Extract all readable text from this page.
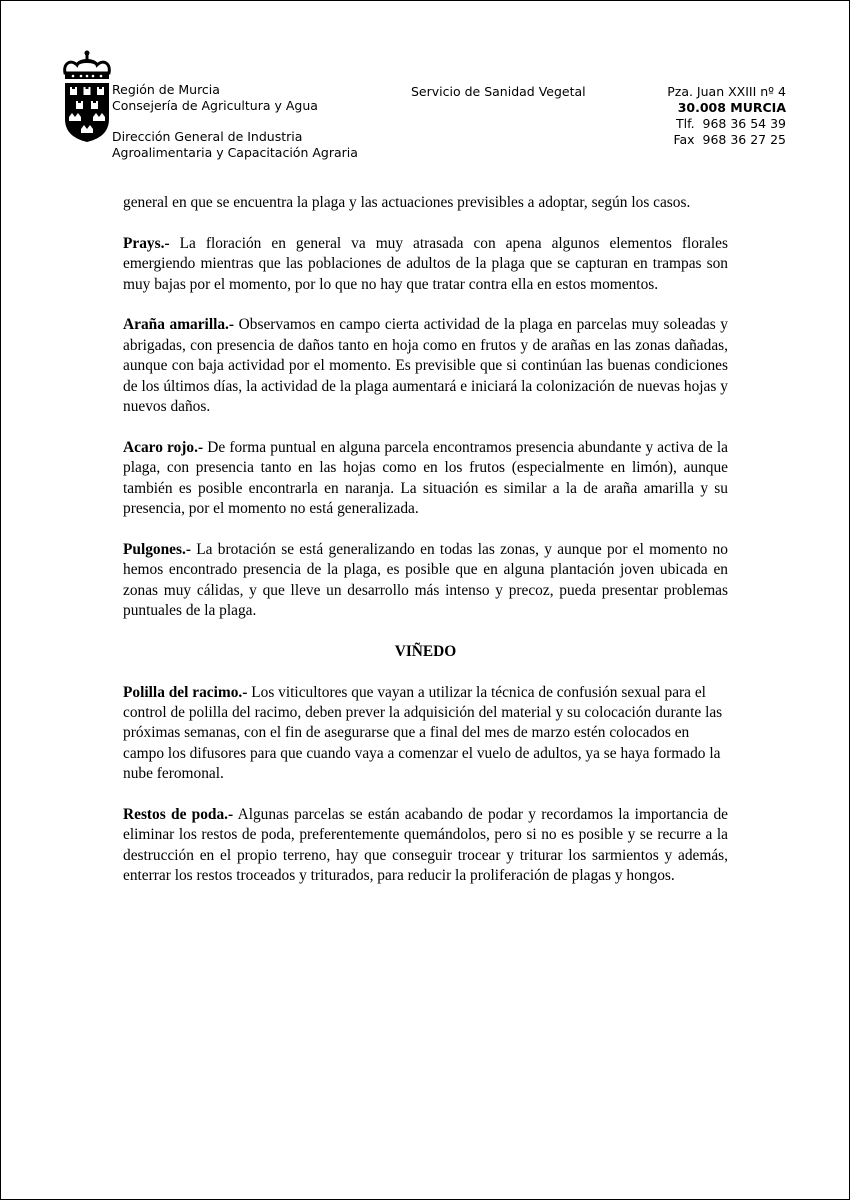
Región de Murcia
Consejería de Agricultura y Agua
Dirección General de Industria
Agroalimentaria y Capacitación Agraria
Servicio de Sanidad Vegetal	Pza. Juan XXIII nº 4
30.008 MURCIA
Tlf. 968 36 54 39
Fax 968 36 27 25

general en que se encuentra la plaga y las actuaciones previsibles a adoptar, según los casos.

Prays.- La floración en general va muy atrasada con apena algunos elementos florales emergiendo mientras que las poblaciones de adultos de la plaga que se capturan en trampas son muy bajas por el momento, por lo que no hay que tratar contra ella en estos momentos.

Araña amarilla.- Observamos en campo cierta actividad de la plaga en parcelas muy soleadas y abrigadas, con presencia de daños tanto en hoja como en frutos y de arañas en las zonas dañadas, aunque con baja actividad por el momento. Es previsible que si continúan las buenas condiciones de los últimos días, la actividad de la plaga aumentará e iniciará la colonización de nuevas hojas y nuevos daños.

Acaro rojo.- De forma puntual en alguna parcela encontramos presencia abundante y activa de la plaga, con presencia tanto en las hojas como en los frutos (especialmente en limón), aunque también es posible encontrarla en naranja. La situación es similar a la de araña amarilla y su presencia, por el momento no está generalizada.

Pulgones.- La brotación se está generalizando en todas las zonas, y aunque por el momento no hemos encontrado presencia de la plaga, es posible que en alguna plantación joven ubicada en zonas muy cálidas, y que lleve un desarrollo más intenso y precoz, pueda presentar problemas puntuales de la plaga.

VIÑEDO

Polilla del racimo.- Los viticultores que vayan a utilizar la técnica de confusión sexual para el control de polilla del racimo, deben prever la adquisición del material y su colocación durante las próximas semanas, con el fin de asegurarse que a final del mes de marzo estén colocados en campo los difusores para que cuando vaya a comenzar el vuelo de adultos, ya se haya formado la nube feromonal.

Restos de poda.- Algunas parcelas se están acabando de podar y recordamos la importancia de eliminar los restos de poda, preferentemente quemándolos, pero si no es posible y se recurre a la destrucción en el propio terreno, hay que conseguir trocear y triturar los sarmientos y además, enterrar los restos troceados y triturados, para reducir la proliferación de plagas y hongos.
